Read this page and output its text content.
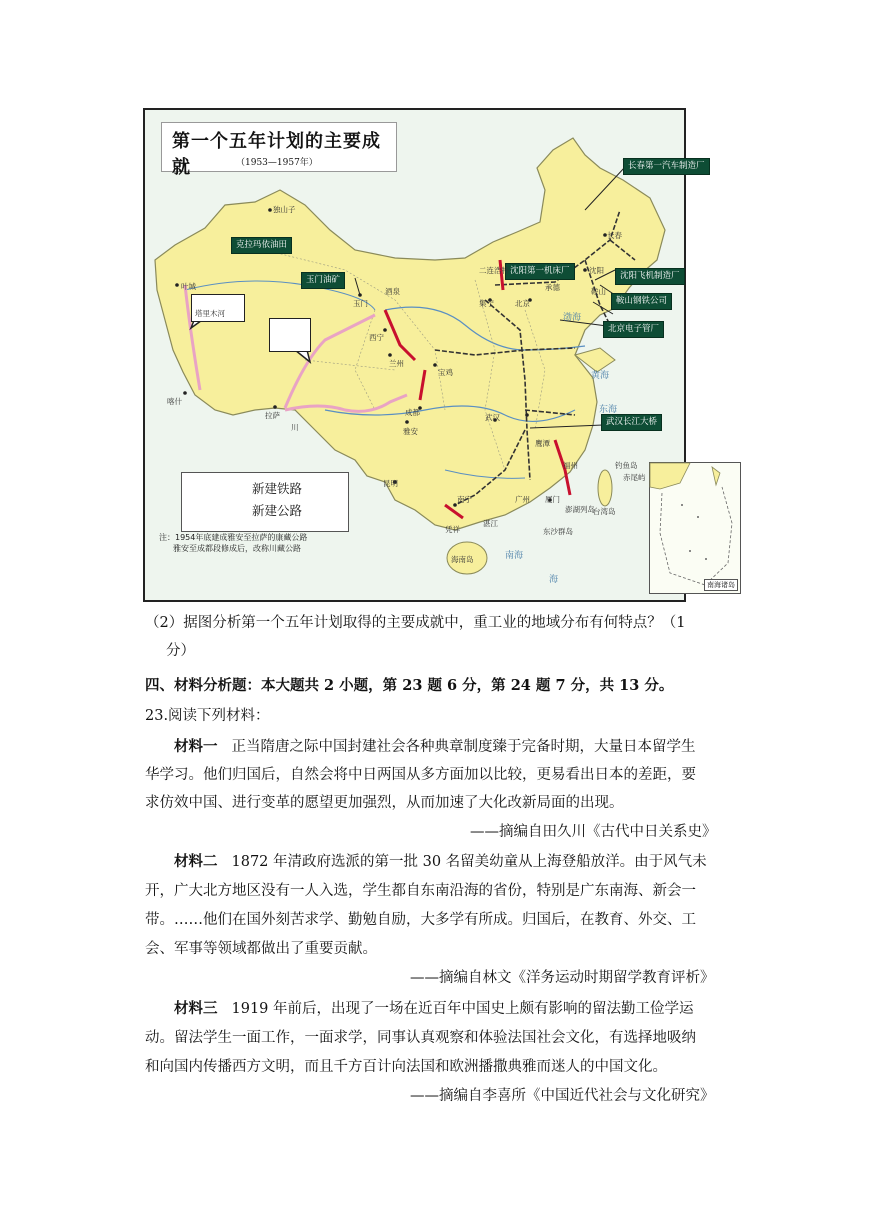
第一个五年计划的主要成就	（1953—1957年）	长春第一汽车制造厂
克拉玛依油田
玉门油矿
沈阳第一机床厂	沈阳飞机制造厂
鞍山钢铁公司
北京电子管厂
武汉长江大桥
独山子
叶城
喀什
拉萨
川
玉门
酒泉
西宁
兰州
宝鸡
成都
雅安
武汉
鹰潭
昆明
南宁
二连浩特
集宁	北京
承德
沈阳
长春
鞍山
福州
厦门
广州
湛江
凭祥
海南岛
台湾岛
钓鱼岛
赤尾屿
澎湖列岛
东沙群岛
塔里木河	渤海
黄海
东海
南海
海
新建铁路
新建公路
注：1954年底建成雅安至拉萨的康藏公路
雅安至成都段修成后，改称川藏公路
南海诸岛
（2）据图分析第一个五年计划取得的主要成就中，重工业的地域分布有何特点？（1
分）
四、材料分析题：本大题共 2 小题，第 23 题 6 分，第 24 题 7 分，共 13 分。
23.阅读下列材料：
材料一 正当隋唐之际中国封建社会各种典章制度臻于完备时期，大量日本留学生
华学习。他们归国后，自然会将中日两国从多方面加以比较，更易看出日本的差距，要
求仿效中国、进行变革的愿望更加强烈，从而加速了大化改新局面的出现。
——摘编自田久川《古代中日关系史》
材料二 1872 年清政府选派的第一批 30 名留美幼童从上海登船放洋。由于风气未
开，广大北方地区没有一人入选，学生都自东南沿海的省份，特别是广东南海、新会一
带。……他们在国外刻苦求学、勤勉自励，大多学有所成。归国后，在教育、外交、工
会、军事等领域都做出了重要贡献。
——摘编自林文《洋务运动时期留学教育评析》
材料三 1919 年前后，出现了一场在近百年中国史上颇有影响的留法勤工俭学运
动。留法学生一面工作，一面求学，同事认真观察和体验法国社会文化，有选择地吸纳
和向国内传播西方文明，而且千方百计向法国和欧洲播撒典雅而迷人的中国文化。
——摘编自李喜所《中国近代社会与文化研究》
